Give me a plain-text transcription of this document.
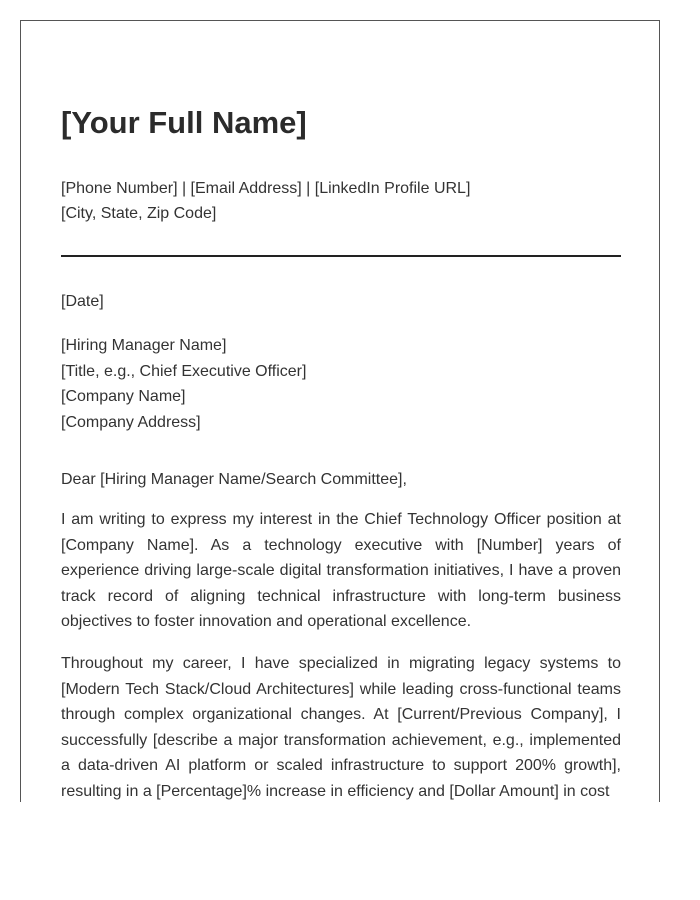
[Your Full Name]
[Phone Number] | [Email Address] | [LinkedIn Profile URL]
[City, State, Zip Code]
[Date]
[Hiring Manager Name]
[Title, e.g., Chief Executive Officer]
[Company Name]
[Company Address]
Dear [Hiring Manager Name/Search Committee],

I am writing to express my interest in the Chief Technology Officer position at [Company Name]. As a technology executive with [Number] years of experience driving large-scale digital transformation initiatives, I have a proven track record of aligning technical infrastructure with long-term business objectives to foster innovation and operational excellence.

Throughout my career, I have specialized in migrating legacy systems to [Modern Tech Stack/Cloud Architectures] while leading cross-functional teams through complex organizational changes. At [Current/Previous Company], I successfully [describe a major transformation achievement, e.g., implemented a data-driven AI platform or scaled infrastructure to support 200% growth], resulting in a [Percentage]% increase in efficiency and [Dollar Amount] in cost
